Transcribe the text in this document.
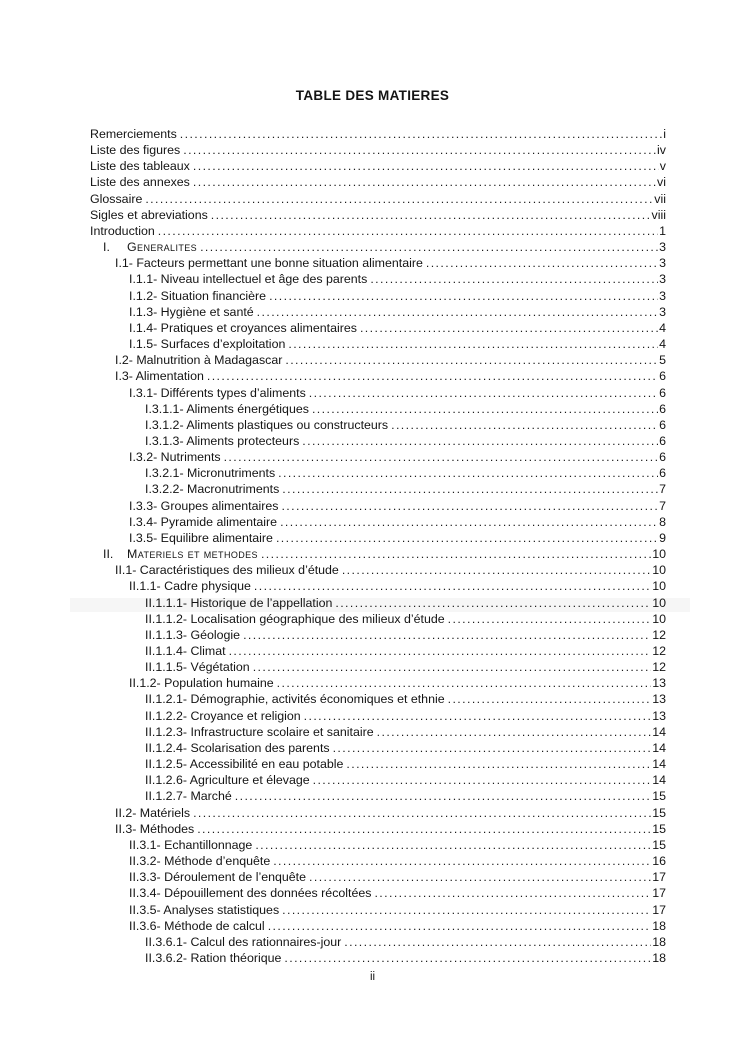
TABLE DES MATIERES
Remerciements .....	i
Liste des figures .....	iv
Liste des tableaux .....	v
Liste des annexes .....	vi
Glossaire .....	vii
Sigles et abreviations .....	viii
Introduction .....	1
I.	Generalites .....	3
I.1- Facteurs permettant une bonne situation alimentaire .....	3
I.1.1- Niveau intellectuel et âge des parents .....	3
I.1.2- Situation financière .....	3
I.1.3- Hygiène et santé .....	3
I.1.4- Pratiques et croyances alimentaires .....	4
I.1.5- Surfaces d’exploitation .....	4
I.2- Malnutrition à Madagascar .....	5
I.3- Alimentation .....	6
I.3.1- Différents types d’aliments .....	6
I.3.1.1- Aliments énergétiques .....	6
I.3.1.2- Aliments plastiques ou constructeurs .....	6
I.3.1.3- Aliments protecteurs .....	6
I.3.2- Nutriments .....	6
I.3.2.1- Micronutriments .....	6
I.3.2.2- Macronutriments .....	7
I.3.3- Groupes alimentaires .....	7
I.3.4- Pyramide alimentaire .....	8
I.3.5- Equilibre alimentaire .....	9
II.	Materiels et methodes .....	10
II.1- Caractéristiques des milieux d’étude .....	10
II.1.1- Cadre physique .....	10
II.1.1.1- Historique de l’appellation .....	10
II.1.1.2- Localisation géographique des milieux d’étude .....	10
II.1.1.3- Géologie .....	12
II.1.1.4- Climat .....	12
II.1.1.5- Végétation .....	12
II.1.2- Population humaine .....	13
II.1.2.1- Démographie, activités économiques et ethnie .....	13
II.1.2.2- Croyance et religion .....	13
II.1.2.3- Infrastructure scolaire et sanitaire .....	14
II.1.2.4- Scolarisation des parents .....	14
II.1.2.5- Accessibilité en eau potable .....	14
II.1.2.6- Agriculture et élevage .....	14
II.1.2.7- Marché .....	15
II.2- Matériels .....	15
II.3- Méthodes .....	15
II.3.1- Echantillonnage .....	15
II.3.2- Méthode d’enquête .....	16
II.3.3- Déroulement de l’enquête .....	17
II.3.4- Dépouillement des données récoltées .....	17
II.3.5- Analyses statistiques .....	17
II.3.6- Méthode de calcul .....	18
II.3.6.1- Calcul des rationnaires-jour .....	18
II.3.6.2- Ration théorique .....	18
ii
